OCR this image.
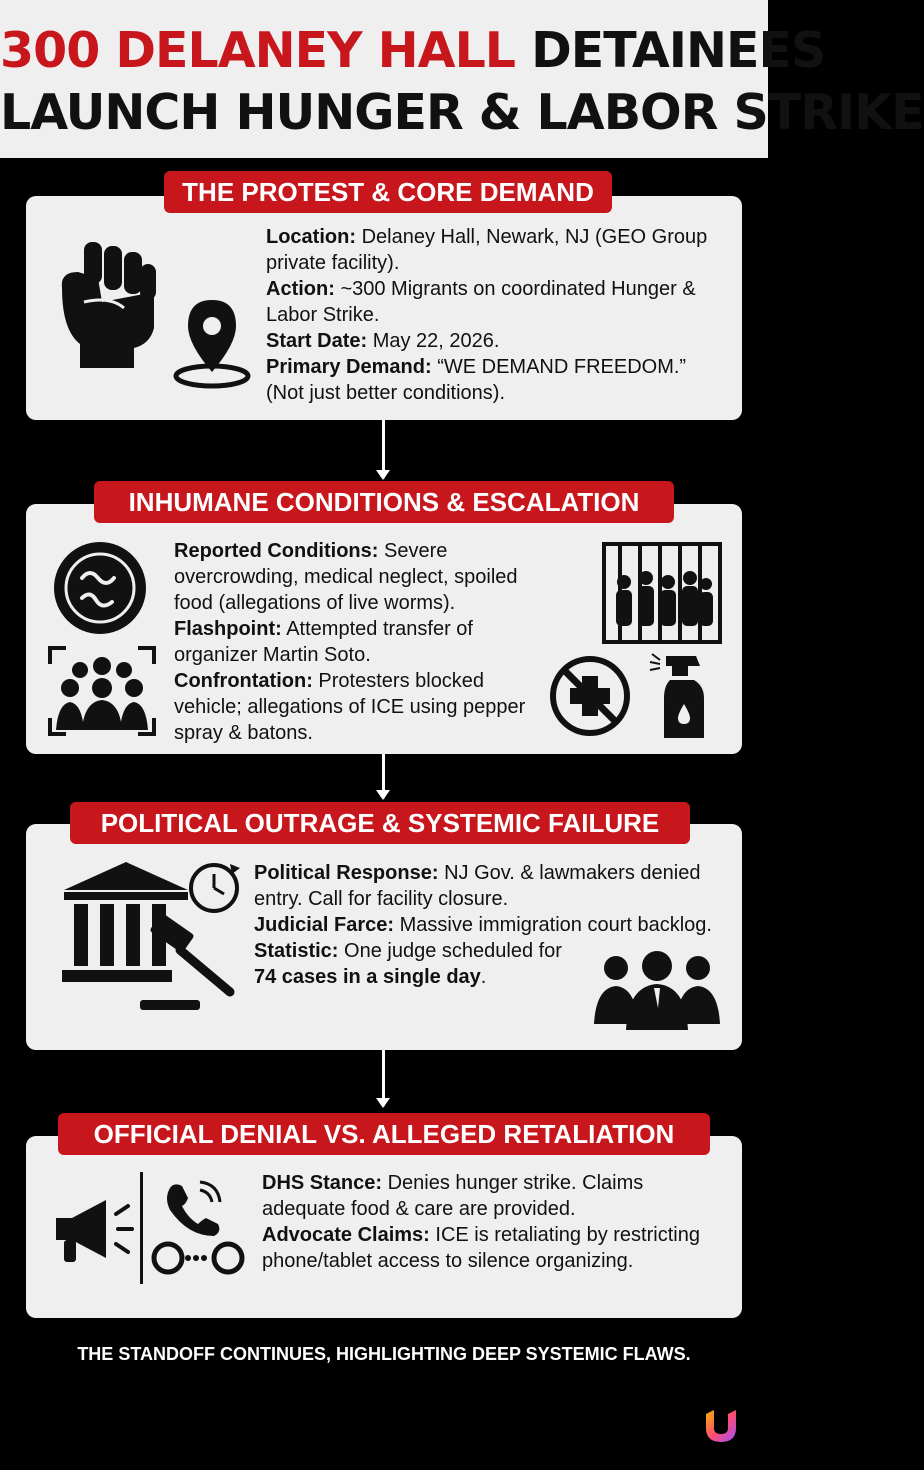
300 DELANEY HALL DETAINEES
LAUNCH HUNGER & LABOR STRIKE

Location: Delaney Hall, Newark, NJ (GEO Group private facility).

Action: ~300 Migrants on coordinated Hunger & Labor Strike.

Start Date: May 22, 2026.

Primary Demand: “WE DEMAND FREEDOM.” (Not just better conditions).

THE PROTEST & CORE DEMAND

Reported Conditions: Severe overcrowding, medical neglect, spoiled food (allegations of live worms).

Flashpoint: Attempted transfer of organizer Martin Soto.

Confrontation: Protesters blocked vehicle; allegations of ICE using pepper spray & batons.

INHUMANE CONDITIONS & ESCALATION

Political Response: NJ Gov. & lawmakers denied entry. Call for facility closure.

Judicial Farce: Massive immigration court backlog.

Statistic: One judge scheduled for 74 cases in a single day.

POLITICAL OUTRAGE & SYSTEMIC FAILURE

DHS Stance: Denies hunger strike. Claims adequate food & care are provided.

Advocate Claims: ICE is retaliating by restricting phone/tablet access to silence organizing.

OFFICIAL DENIAL VS. ALLEGED RETALIATION
THE STANDOFF CONTINUES, HIGHLIGHTING DEEP SYSTEMIC FLAWS.
